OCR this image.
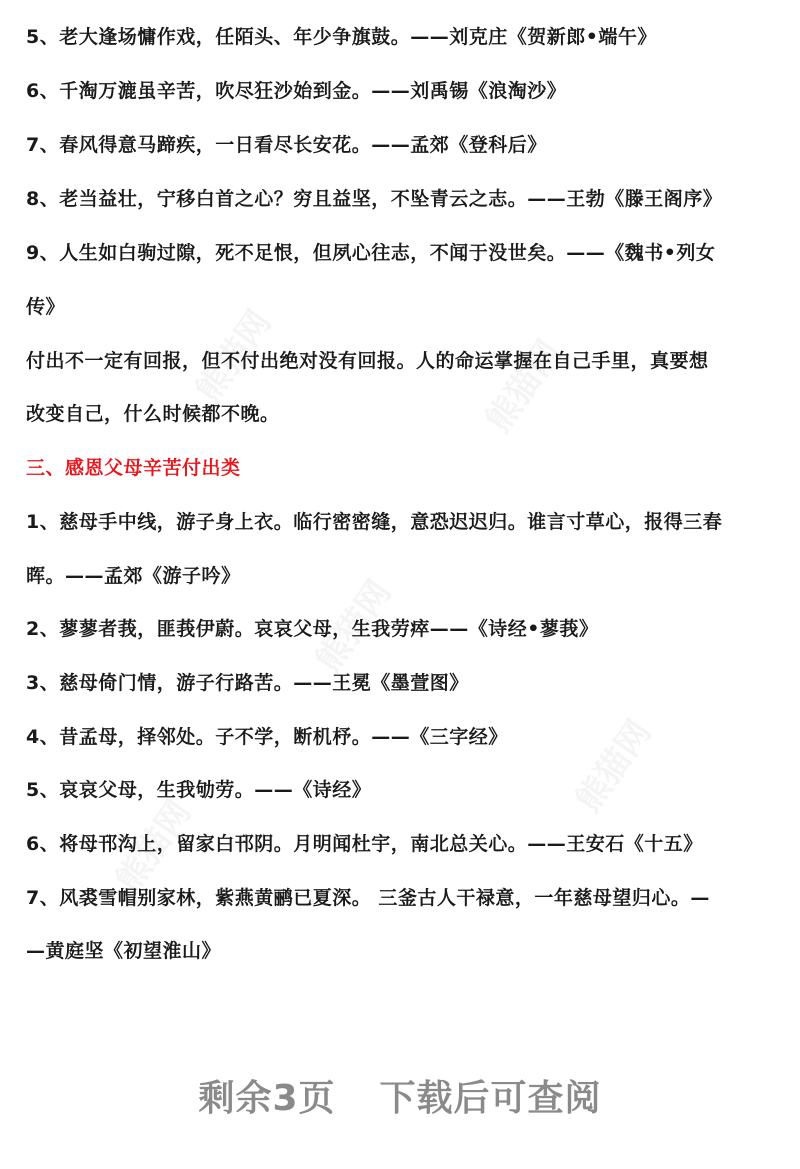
熊猫网	熊猫网
熊猫网
熊猫网
熊猫网
5、老大逢场慵作戏，任陌头、年少争旗鼓。——刘克庄《贺新郎•端午》
6、千淘万漉虽辛苦，吹尽狂沙始到金。——刘禹锡《浪淘沙》
7、春风得意马蹄疾，一日看尽长安花。——孟郊《登科后》
8、老当益壮，宁移白首之心？穷且益坚，不坠青云之志。——王勃《滕王阁序》
9、人生如白驹过隙，死不足恨，但夙心往志，不闻于没世矣。——《魏书•列女
传》
付出不一定有回报，但不付出绝对没有回报。人的命运掌握在自己手里，真要想
改变自己，什么时候都不晚。
三、感恩父母辛苦付出类
1、慈母手中线，游子身上衣。临行密密缝，意恐迟迟归。谁言寸草心，报得三春
晖。——孟郊《游子吟》
2、蓼蓼者莪，匪莪伊蔚。哀哀父母，生我劳瘁——《诗经•蓼莪》
3、慈母倚门情，游子行路苦。——王冕《墨萱图》
4、昔孟母，择邻处。子不学，断机杼。——《三字经》
5、哀哀父母，生我劬劳。——《诗经》
6、将母邗沟上，留家白邗阴。月明闻杜宇，南北总关心。——王安石《十五》
7、风裘雪帽别家林，紫燕黄鹂已夏深。 三釜古人干禄意，一年慈母望归心。—
—黄庭坚《初望淮山》
剩余3页 下载后可查阅
